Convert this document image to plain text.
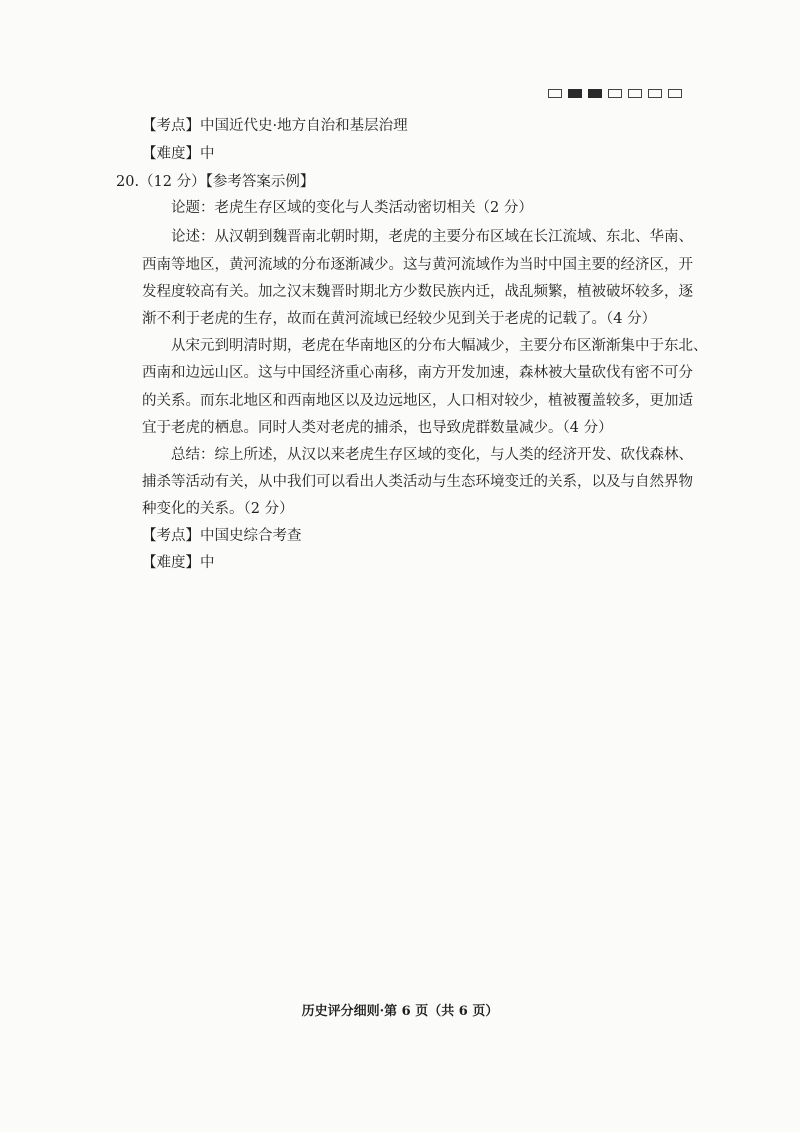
【考点】中国近代史·地方自治和基层治理
【难度】中
20.（12 分）【参考答案示例】
论题：老虎生存区域的变化与人类活动密切相关（2 分）
论述：从汉朝到魏晋南北朝时期，老虎的主要分布区域在长江流域、东北、华南、
西南等地区，黄河流域的分布逐渐减少。这与黄河流域作为当时中国主要的经济区，开
发程度较高有关。加之汉末魏晋时期北方少数民族内迁，战乱频繁，植被破坏较多，逐
渐不利于老虎的生存，故而在黄河流域已经较少见到关于老虎的记载了。（4 分）
从宋元到明清时期，老虎在华南地区的分布大幅减少，主要分布区渐渐集中于东北、
西南和边远山区。这与中国经济重心南移，南方开发加速，森林被大量砍伐有密不可分
的关系。而东北地区和西南地区以及边远地区，人口相对较少，植被覆盖较多，更加适
宜于老虎的栖息。同时人类对老虎的捕杀，也导致虎群数量减少。（4 分）
总结：综上所述，从汉以来老虎生存区域的变化，与人类的经济开发、砍伐森林、
捕杀等活动有关，从中我们可以看出人类活动与生态环境变迁的关系，以及与自然界物
种变化的关系。（2 分）
【考点】中国史综合考查
【难度】中
历史评分细则·第 6 页（共 6 页）
